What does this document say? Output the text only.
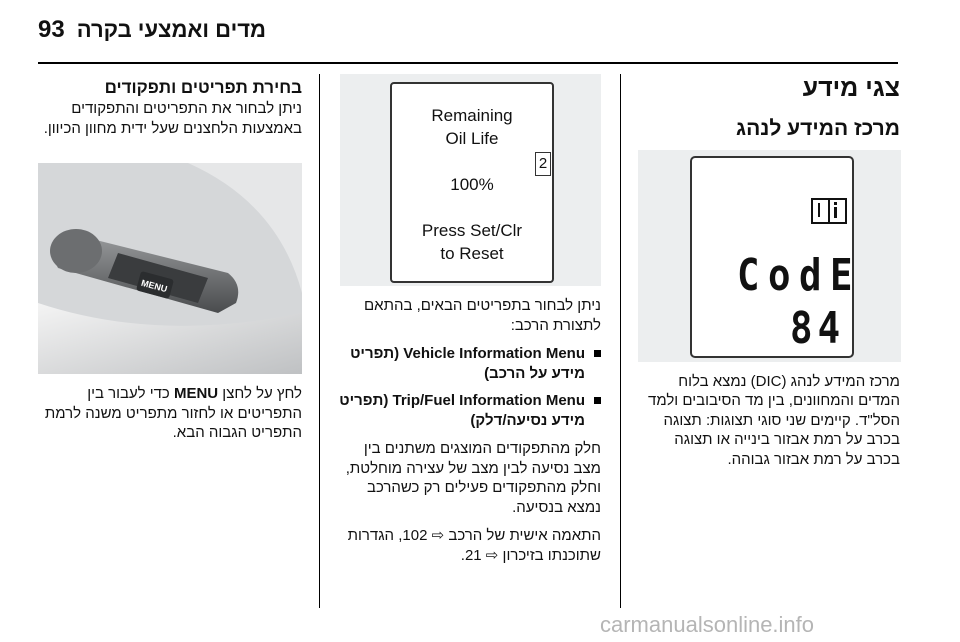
93 מדים ואמצעי בקרה
צגי מידע
מרכז המידע לנהג
CodE
84

מרכז המידע לנהג (DIC) נמצא בלוח

המדים והמחוונים, בין מד הסיבובים ולמד

הסל"ד. קיימים שני סוגי תצוגות: תצוגה

בכרב על רמת אבזור בינייה או תצוגה

בכרב על רמת אבזור גבוהה.

Remaining
Oil Life
100%
Press Set/Clr
to Reset
2

ניתן לבחור בתפריטים הבאים, בהתאם לתצורת הרכב:

Vehicle Information Menu (תפריט מידע על הרכב)
Trip/Fuel Information Menu (תפריט מידע נסיעה/דלק)

חלק מהתפקודים המוצגים משתנים בין מצב נסיעה לבין מצב של עצירה מוחלטת, וחלק מהתפקודים פעילים רק כשהרכב נמצא בנסיעה.

התאמה אישית של הרכב ⇨ 102, הגדרות שתוכנתו בזיכרון ⇨ 21.

בחירת תפריטים ותפקודים
ניתן לבחור את התפריטים והתפקודים באמצעות הלחצנים שעל ידית מחוון הכיוון.
MENU
לחץ על לחצן MENU כדי לעבור בין התפריטים או לחזור מתפריט משנה לרמת התפריט הגבוה הבא.
carmanualsonline.info
